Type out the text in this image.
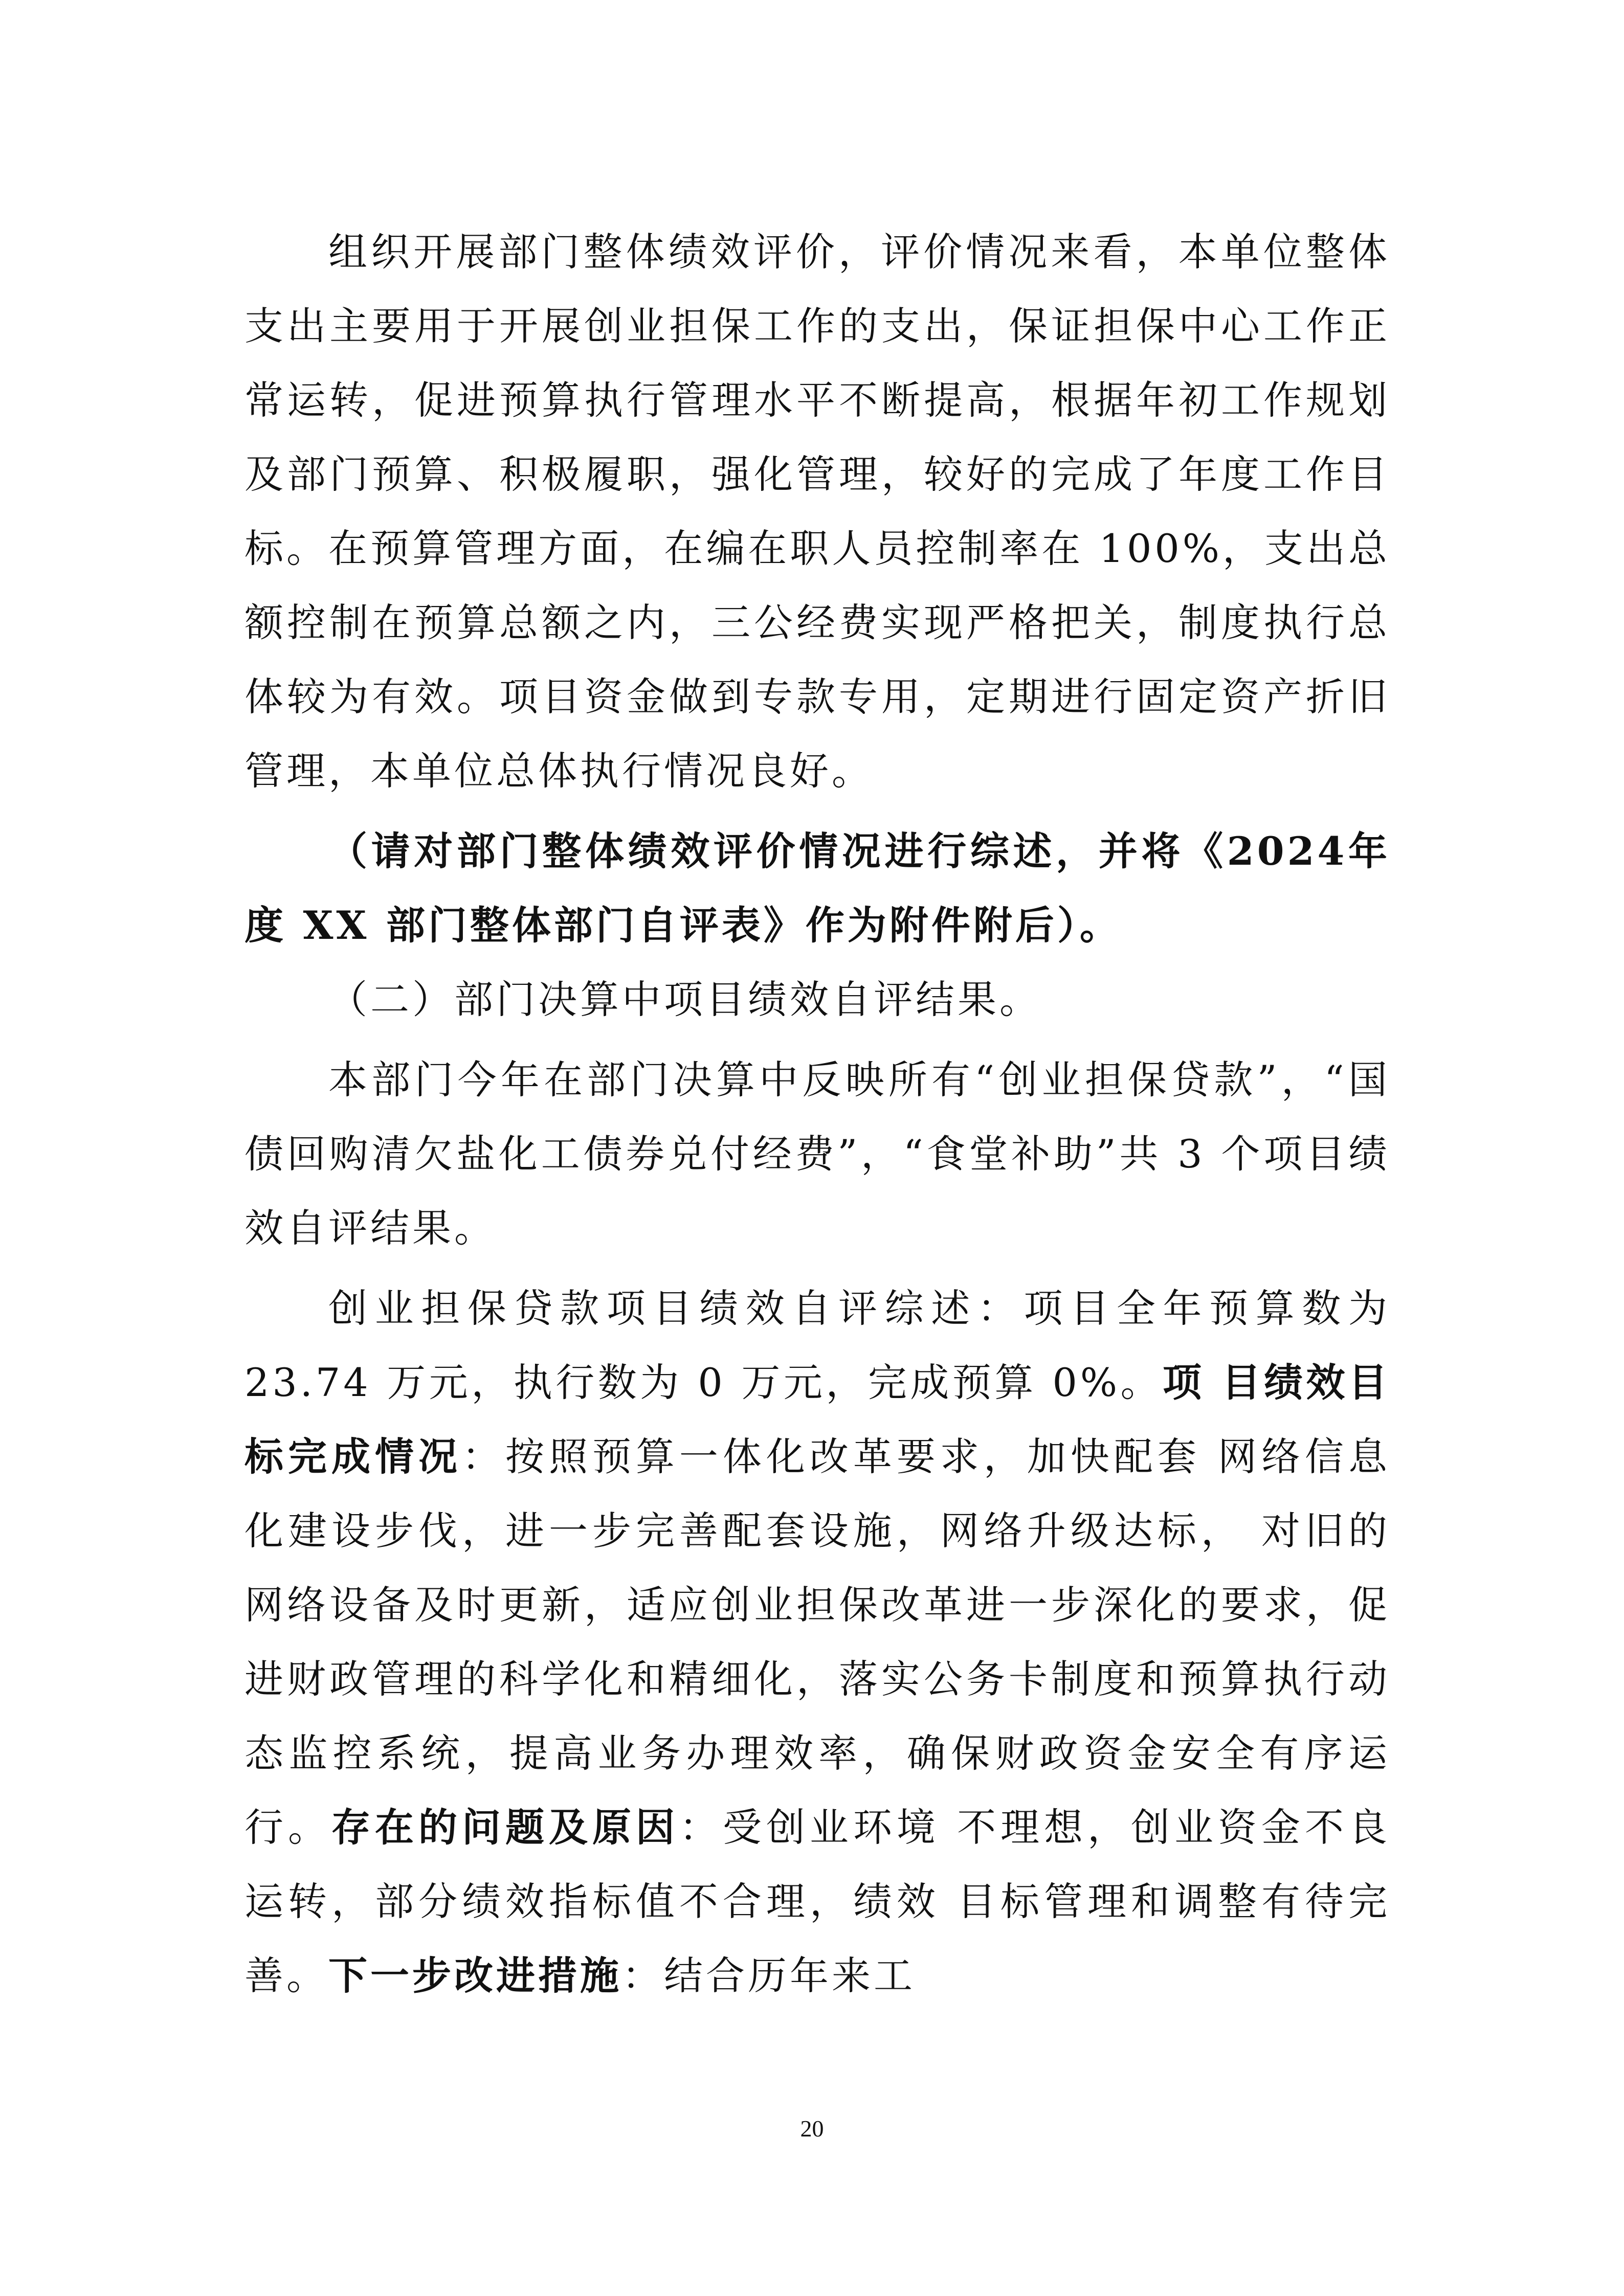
组织开展部门整体绩效评价，评价情况来看，本单位整体支出主要用于开展创业担保工作的支出，保证担保中心工作正常运转，促进预算执行管理水平不断提高，根据年初工作规划及部门预算、积极履职，强化管理，较好的完成了年度工作目标。在预算管理方面，在编在职人员控制率在 100%，支出总额控制在预算总额之内，三公经费实现严格把关，制度执行总体较为有效。项目资金做到专款专用，定期进行固定资产折旧管理，本单位总体执行情况良好。

（请对部门整体绩效评价情况进行综述，并将《2024年度 XX 部门整体部门自评表》作为附件附后）。

（二）部门决算中项目绩效自评结果。

本部门今年在部门决算中反映所有“创业担保贷款”，“国债回购清欠盐化工债券兑付经费”，“食堂补助”共 3 个项目绩效自评结果。

创业担保贷款项目绩效自评综述：项目全年预算数为23.74 万元，执行数为 0 万元，完成预算 0%。项 目绩效目标完成情况：按照预算一体化改革要求，加快配套 网络信息化建设步伐，进一步完善配套设施，网络升级达标， 对旧的网络设备及时更新，适应创业担保改革进一步深化的要求，促进财政管理的科学化和精细化，落实公务卡制度和预算执行动态监控系统，提高业务办理效率，确保财政资金安全有序运行。存在的问题及原因：受创业环境 不理想，创业资金不良运转，部分绩效指标值不合理，绩效 目标管理和调整有待完善。下一步改进措施：结合历年来工

20
